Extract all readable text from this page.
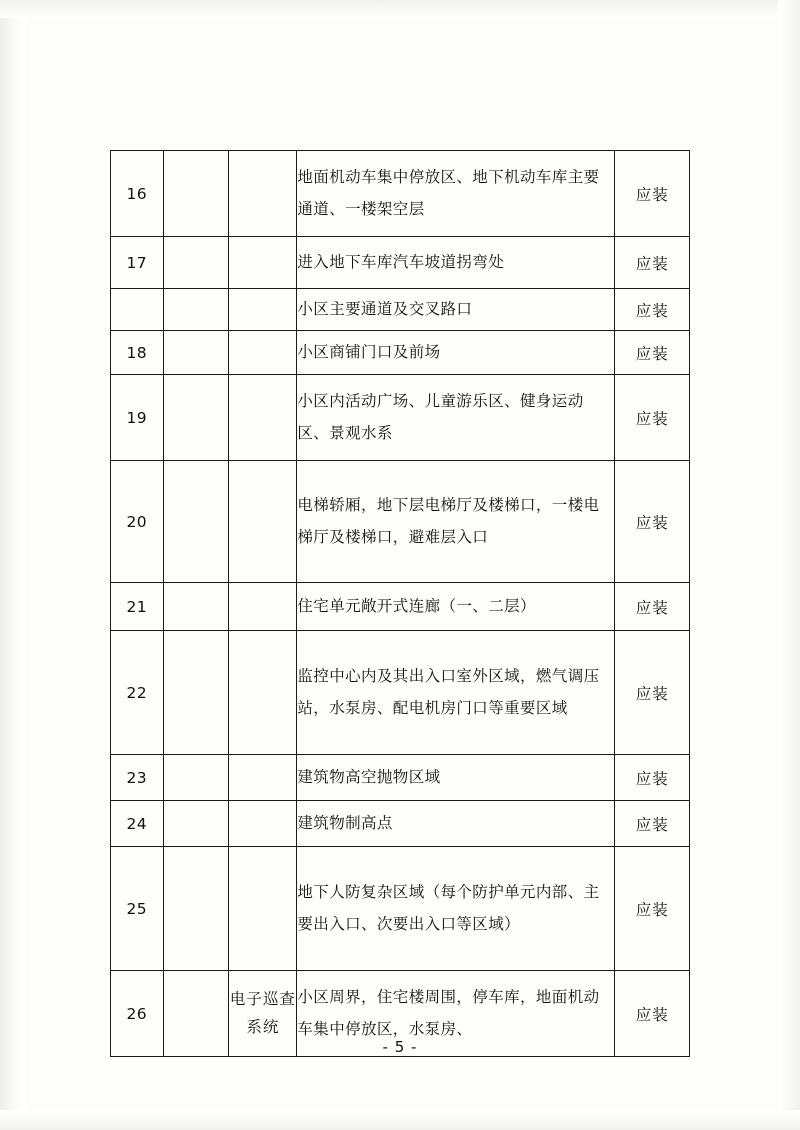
16			地面机动车集中停放区、地下机动车库主要通道、一楼架空层	应装
17			进入地下车库汽车坡道拐弯处	应装
			小区主要通道及交叉路口	应装
18			小区商铺门口及前场	应装
19			小区内活动广场、儿童游乐区、健身运动区、景观水系	应装
20			电梯轿厢，地下层电梯厅及楼梯口，一楼电梯厅及楼梯口，避难层入口	应装
21			住宅单元敞开式连廊（一、二层）	应装
22			监控中心内及其出入口室外区域，燃气调压站，水泵房、配电机房门口等重要区域	应装
23			建筑物高空抛物区域	应装
24			建筑物制高点	应装
25			地下人防复杂区域（每个防护单元内部、主要出入口、次要出入口等区域）	应装
26		电子巡查系统	小区周界，住宅楼周围，停车库，地面机动车集中停放区，水泵房、	应装
- 5 -
